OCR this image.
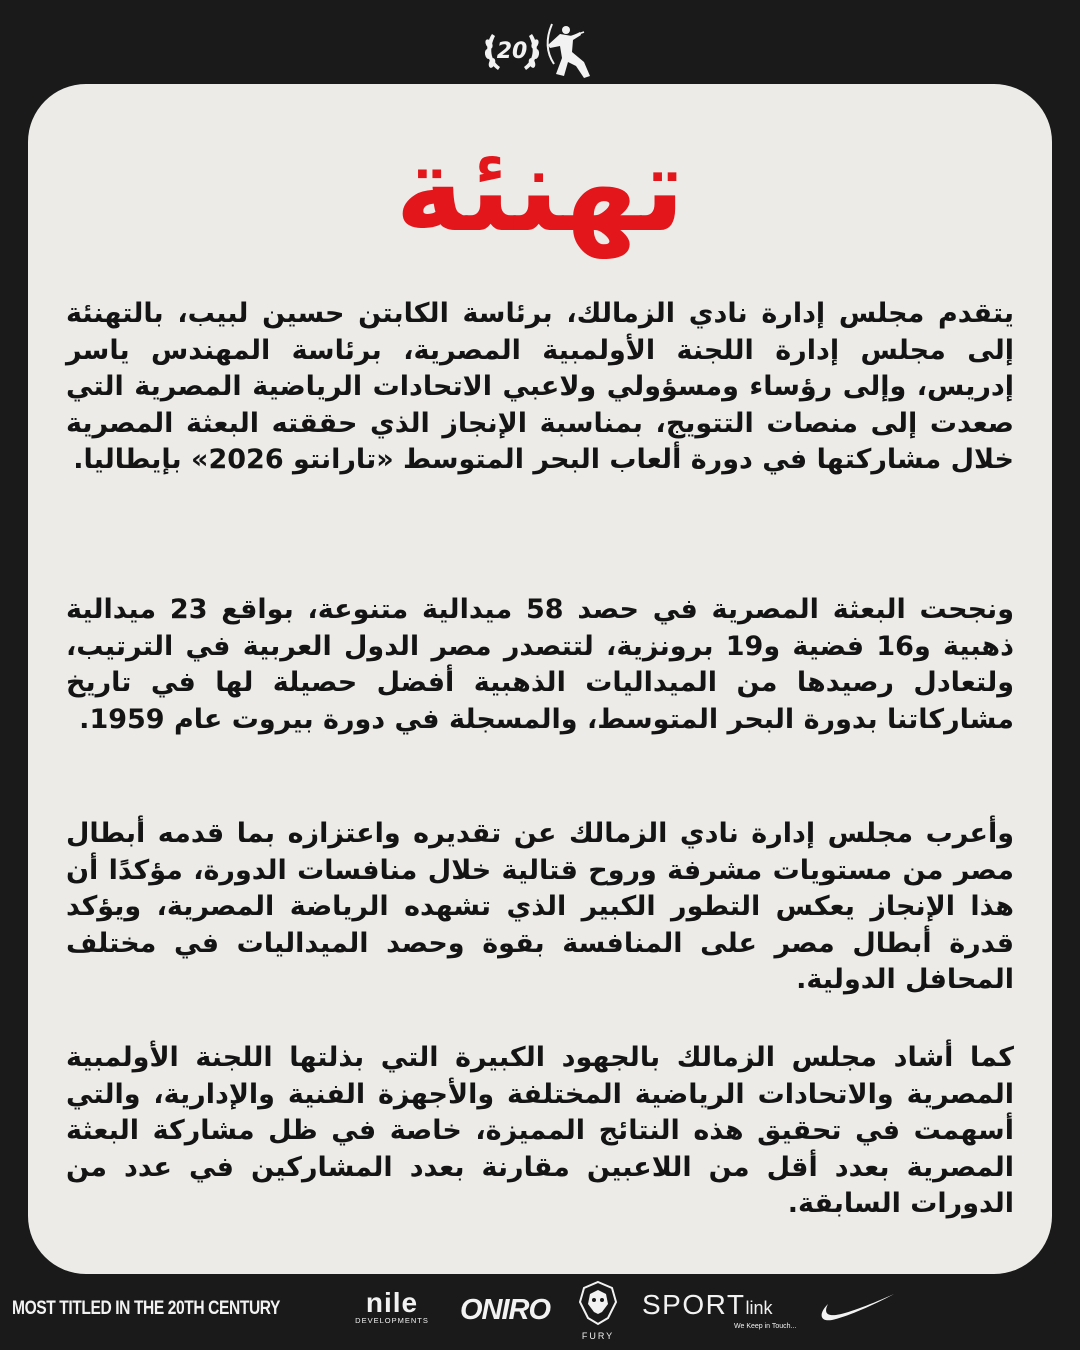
20
تهنئة
يتقدم مجلس إدارة نادي الزمالك، برئاسة الكابتن حسين لبيب، بالتهنئة إلى مجلس إدارة اللجنة الأولمبية المصرية، برئاسة المهندس ياسر إدريس، وإلى رؤساء ومسؤولي ولاعبي الاتحادات الرياضية المصرية التي صعدت إلى منصات التتويج، بمناسبة الإنجاز الذي حققته البعثة المصرية خلال مشاركتها في دورة ألعاب البحر المتوسط «تارانتو 2026» بإيطاليا.
ونجحت البعثة المصرية في حصد 58 ميدالية متنوعة، بواقع 23 ميدالية ذهبية و16 فضية و19 برونزية، لتتصدر مصر الدول العربية في الترتيب، ولتعادل رصيدها من الميداليات الذهبية أفضل حصيلة لها في تاريخ مشاركاتنا بدورة البحر المتوسط، والمسجلة في دورة بيروت عام 1959.
وأعرب مجلس إدارة نادي الزمالك عن تقديره واعتزازه بما قدمه أبطال مصر من مستويات مشرفة وروح قتالية خلال منافسات الدورة، مؤكدًا أن هذا الإنجاز يعكس التطور الكبير الذي تشهده الرياضة المصرية، ويؤكد قدرة أبطال مصر على المنافسة بقوة وحصد الميداليات في مختلف المحافل الدولية.
كما أشاد مجلس الزمالك بالجهود الكبيرة التي بذلتها اللجنة الأولمبية المصرية والاتحادات الرياضية المختلفة والأجهزة الفنية والإدارية، والتي أسهمت في تحقيق هذه النتائج المميزة، خاصة في ظل مشاركة البعثة المصرية بعدد أقل من اللاعبين مقارنة بعدد المشاركين في عدد من الدورات السابقة.
MOST TITLED IN THE 20TH CENTURY	nile
DEVELOPMENTS	ONIRO
FURY
SPORTlink
We Keep in Touch...
